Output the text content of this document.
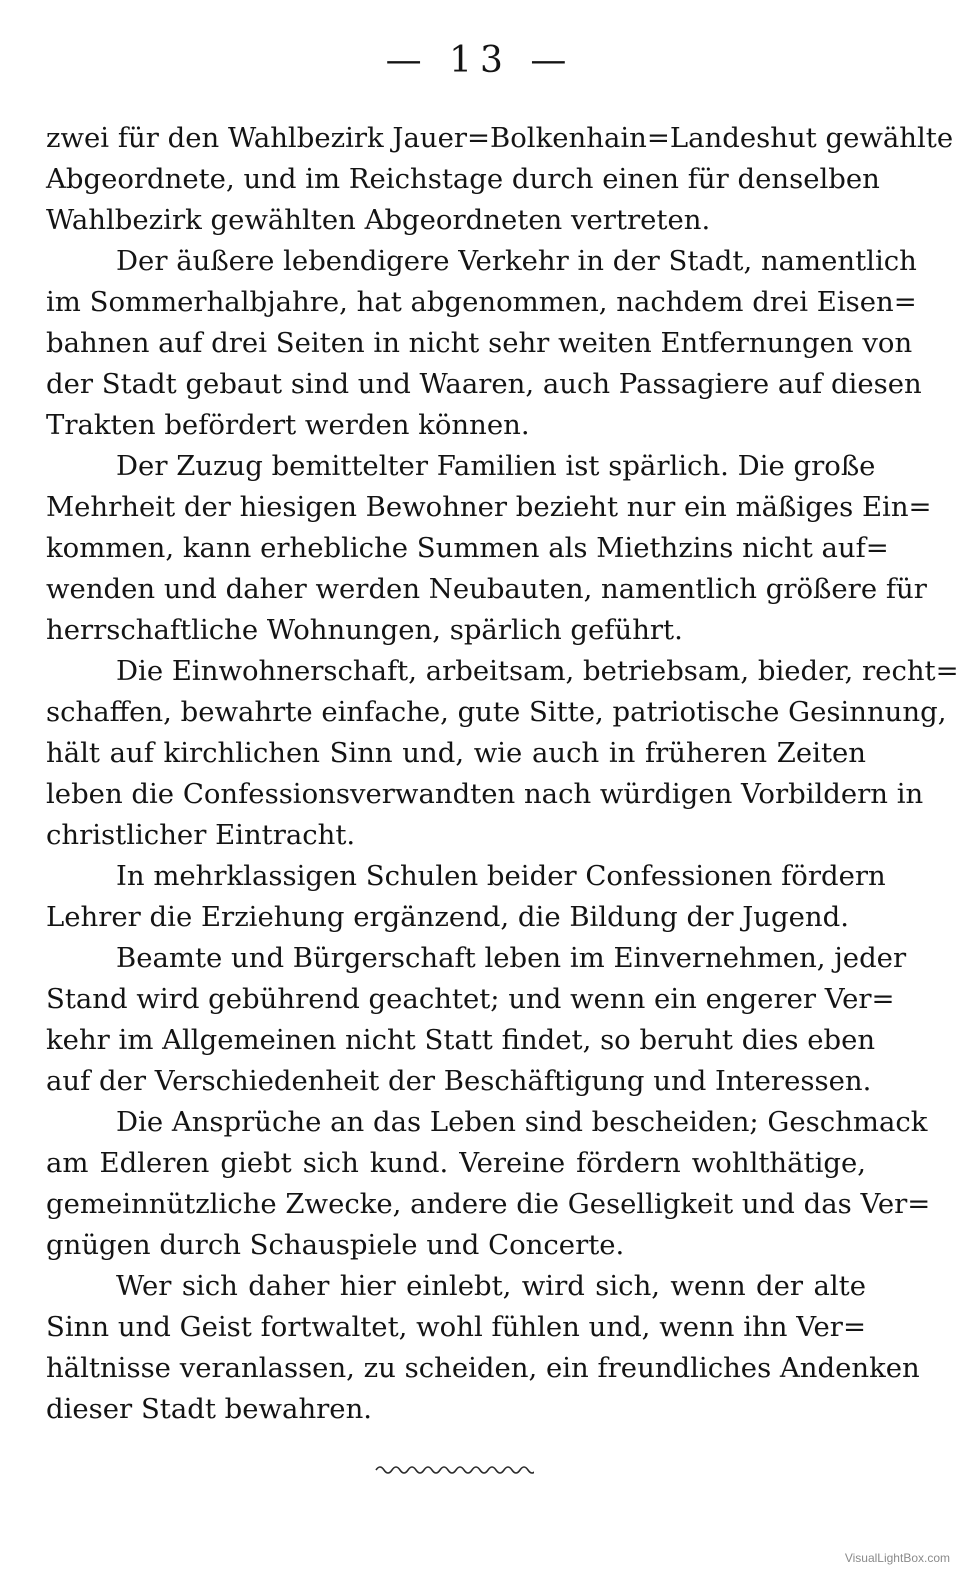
— 13 —
zwei für den Wahlbezirk Jauer=Bolkenhain=Landeshut gewählte
Abgeordnete, und im Reichstage durch einen für denselben
Wahlbezirk gewählten Abgeordneten vertreten.
Der äußere lebendigere Verkehr in der Stadt, namentlich
im Sommerhalbjahre, hat abgenommen, nachdem drei Eisen=
bahnen auf drei Seiten in nicht sehr weiten Entfernungen von
der Stadt gebaut sind und Waaren, auch Passagiere auf diesen
Trakten befördert werden können.
Der Zuzug bemittelter Familien ist spärlich. Die große
Mehrheit der hiesigen Bewohner bezieht nur ein mäßiges Ein=
kommen, kann erhebliche Summen als Miethzins nicht auf=
wenden und daher werden Neubauten, namentlich größere für
herrschaftliche Wohnungen, spärlich geführt.
Die Einwohnerschaft, arbeitsam, betriebsam, bieder, recht=
schaffen, bewahrte einfache, gute Sitte, patriotische Gesinnung,
hält auf kirchlichen Sinn und, wie auch in früheren Zeiten
leben die Confessionsverwandten nach würdigen Vorbildern in
christlicher Eintracht.
In mehrklassigen Schulen beider Confessionen fördern
Lehrer die Erziehung ergänzend, die Bildung der Jugend.
Beamte und Bürgerschaft leben im Einvernehmen, jeder
Stand wird gebührend geachtet; und wenn ein engerer Ver=
kehr im Allgemeinen nicht Statt findet, so beruht dies eben
auf der Verschiedenheit der Beschäftigung und Interessen.
Die Ansprüche an das Leben sind bescheiden; Geschmack
am Edleren giebt sich kund. Vereine fördern wohlthätige,
gemeinnützliche Zwecke, andere die Geselligkeit und das Ver=
gnügen durch Schauspiele und Concerte.
Wer sich daher hier einlebt, wird sich, wenn der alte
Sinn und Geist fortwaltet, wohl fühlen und, wenn ihn Ver=
hältnisse veranlassen, zu scheiden, ein freundliches Andenken
dieser Stadt bewahren.
VisualLightBox.com
